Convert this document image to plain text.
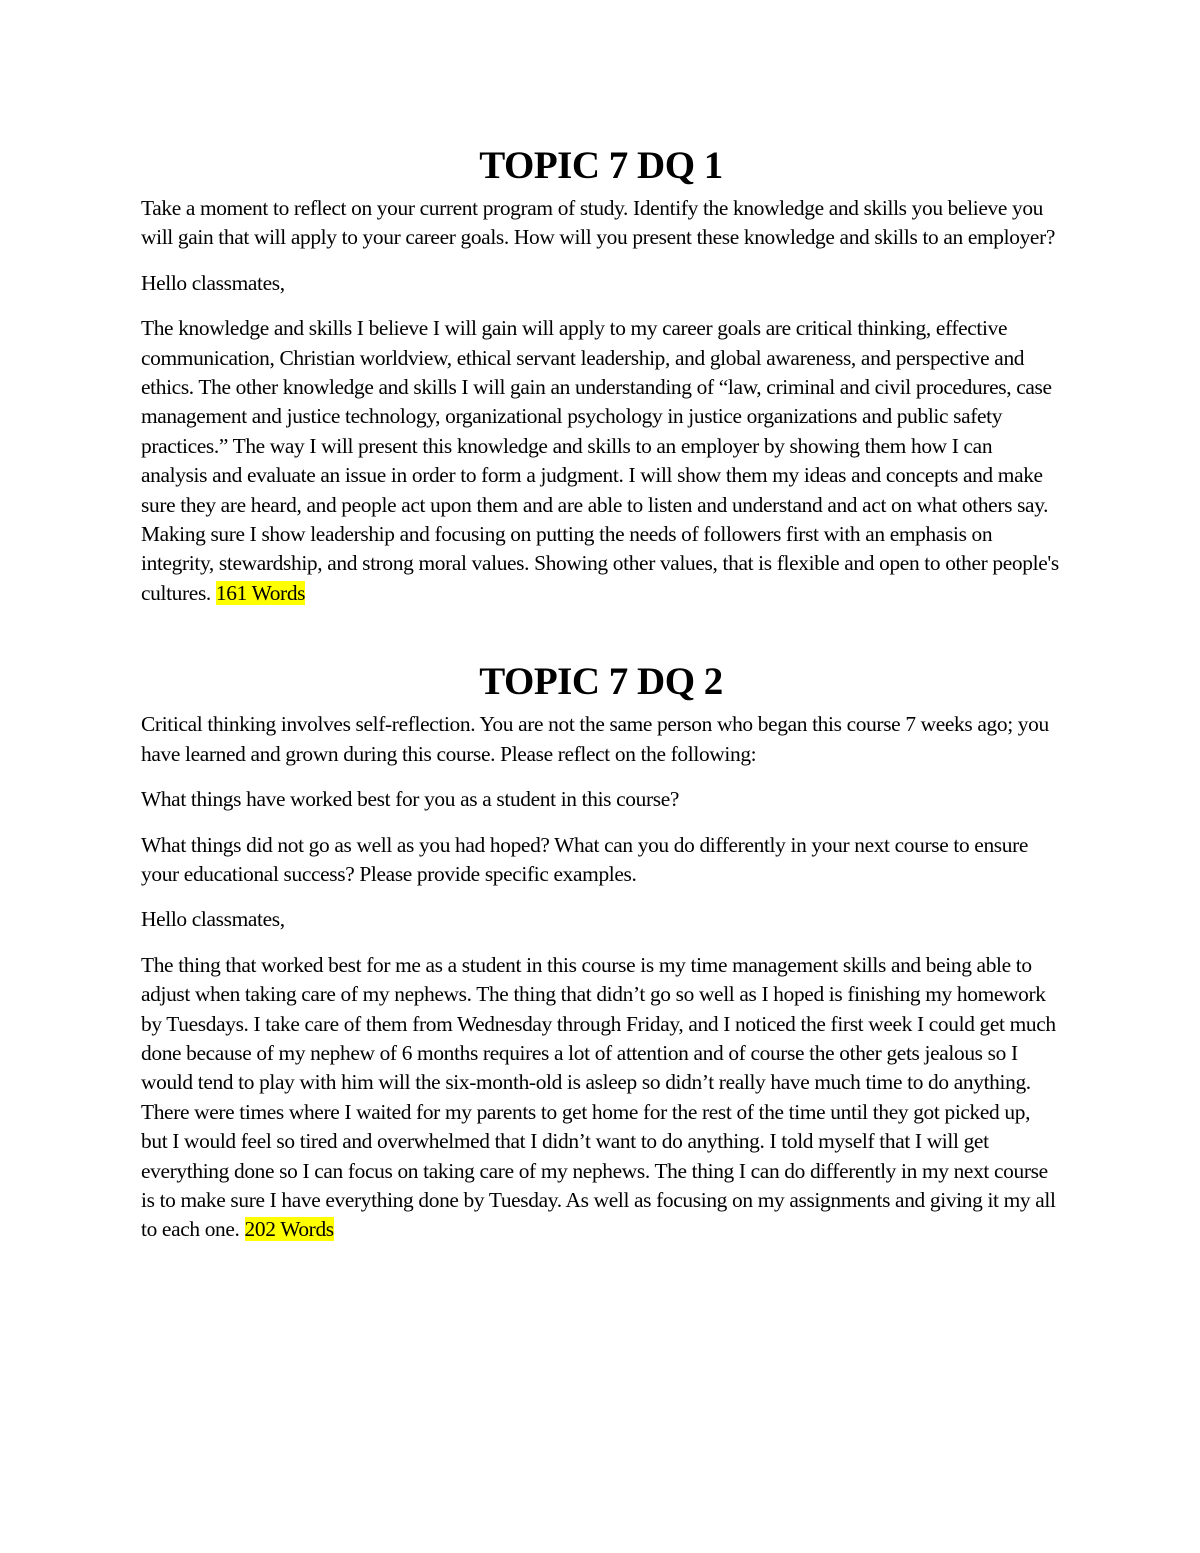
TOPIC 7 DQ 1

Take a moment to reflect on your current program of study. Identify the knowledge and skills you believe you will gain that will apply to your career goals. How will you present these knowledge and skills to an employer?

Hello classmates,

The knowledge and skills I believe I will gain will apply to my career goals are critical thinking, effective communication, Christian worldview, ethical servant leadership, and global awareness, and perspective and ethics. The other knowledge and skills I will gain an understanding of “law, criminal and civil procedures, case management and justice technology, organizational psychology in justice organizations and public safety practices.” The way I will present this knowledge and skills to an employer by showing them how I can analysis and evaluate an issue in order to form a judgment. I will show them my ideas and concepts and make sure they are heard, and people act upon them and are able to listen and understand and act on what others say. Making sure I show leadership and focusing on putting the needs of followers first with an emphasis on integrity, stewardship, and strong moral values. Showing other values, that is flexible and open to other people's cultures. 161 Words

TOPIC 7 DQ 2

Critical thinking involves self-reflection. You are not the same person who began this course 7 weeks ago; you have learned and grown during this course. Please reflect on the following:

What things have worked best for you as a student in this course?

What things did not go as well as you had hoped? What can you do differently in your next course to ensure your educational success? Please provide specific examples.

Hello classmates,

The thing that worked best for me as a student in this course is my time management skills and being able to adjust when taking care of my nephews. The thing that didn’t go so well as I hoped is finishing my homework by Tuesdays. I take care of them from Wednesday through Friday, and I noticed the first week I could get much done because of my nephew of 6 months requires a lot of attention and of course the other gets jealous so I would tend to play with him will the six-month-old is asleep so didn’t really have much time to do anything. There were times where I waited for my parents to get home for the rest of the time until they got picked up, but I would feel so tired and overwhelmed that I didn’t want to do anything. I told myself that I will get everything done so I can focus on taking care of my nephews. The thing I can do differently in my next course is to make sure I have everything done by Tuesday. As well as focusing on my assignments and giving it my all to each one. 202 Words
